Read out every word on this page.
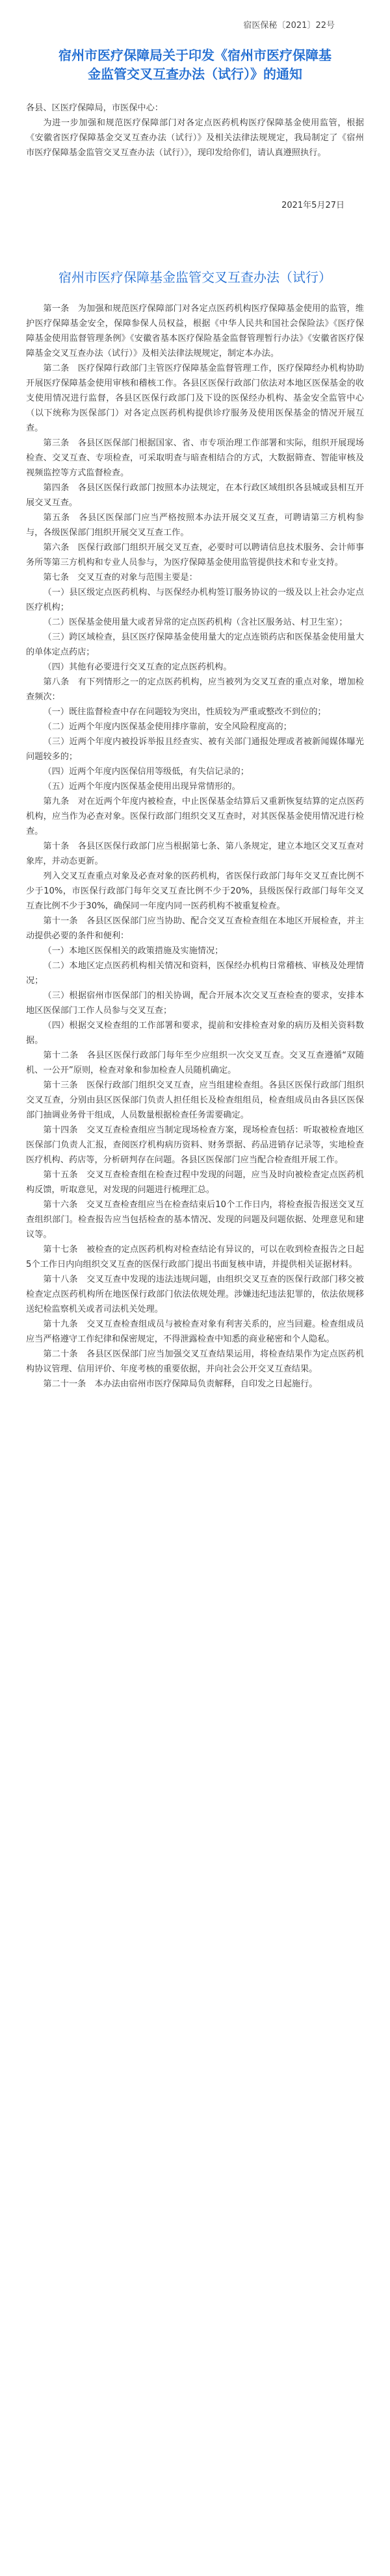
宿医保秘〔2021〕22号
宿州市医疗保障局关于印发《宿州市医疗保障基金监管交叉互查办法（试行）》的通知

各县、区医疗保障局，市医保中心：

为进一步加强和规范医疗保障部门对各定点医药机构医疗保障基金使用监管，根据《安徽省医疗保障基金交叉互查办法（试行）》及相关法律法规规定，我局制定了《宿州市医疗保障基金监管交叉互查办法（试行）》，现印发给你们，请认真遵照执行。

2021年5月27日
宿州市医疗保障基金监管交叉互查办法（试行）

第一条　为加强和规范医疗保障部门对各定点医药机构医疗保障基金使用的监管，维护医疗保障基金安全，保障参保人员权益，根据《中华人民共和国社会保险法》《医疗保障基金使用监督管理条例》《安徽省基本医疗保险基金监督管理暂行办法》《安徽省医疗保障基金交叉互查办法（试行）》及相关法律法规规定，制定本办法。

第二条　医疗保障行政部门主管医疗保障基金监督管理工作，医疗保障经办机构协助开展医疗保障基金使用审核和稽核工作。各县区医保行政部门依法对本地区医保基金的收支使用情况进行监督，各县区医保行政部门及下设的医保经办机构、基金安全监管中心（以下统称为医保部门）对各定点医药机构提供诊疗服务及使用医保基金的情况开展互查。

第三条　各县区医保部门根据国家、省、市专项治理工作部署和实际，组织开展现场检查、交叉互查、专项检查，可采取明查与暗查相结合的方式，大数据筛查、智能审核及视频监控等方式监督检查。

第四条　各县区医保行政部门按照本办法规定，在本行政区域组织各县城或县相互开展交叉互查。

第五条　各县区医保部门应当严格按照本办法开展交叉互查，可聘请第三方机构参与，各级医保部门组织开展交叉互查工作。

第六条　医保行政部门组织开展交叉互查，必要时可以聘请信息技术服务、会计师事务所等第三方机构和专业人员参与，为医疗保障基金使用监管提供技术和专业支持。

第七条　交叉互查的对象与范围主要是：

（一）县区级定点医药机构、与医保经办机构签订服务协议的一级及以上社会办定点医疗机构；

（二）医保基金使用量大或者异常的定点医药机构（含社区服务站、村卫生室）；

（三）跨区域检查，县区医疗保障基金使用量大的定点连锁药店和医保基金使用量大的单体定点药店；

（四）其他有必要进行交叉互查的定点医药机构。

第八条　有下列情形之一的定点医药机构，应当被列为交叉互查的重点对象，增加检查频次：

（一）既往监督检查中存在问题较为突出，性质较为严重或整改不到位的；

（二）近两个年度内医保基金使用排序靠前，安全风险程度高的；

（三）近两个年度内被投诉举报且经查实、被有关部门通报处理或者被新闻媒体曝光问题较多的；

（四）近两个年度内医保信用等级低，有失信记录的；

（五）近两个年度内医保基金使用出现异常情形的。

第九条　对在近两个年度内被检查，中止医保基金结算后又重新恢复结算的定点医药机构，应当作为必查对象。医保行政部门组织交叉互查时，对其医保基金使用情况进行检查。

第十条　各县区医保行政部门应当根据第七条、第八条规定，建立本地区交叉互查对象库，并动态更新。

列入交叉互查重点对象及必查对象的医药机构，省医保行政部门每年交叉互查比例不少于10%，市医保行政部门每年交叉互查比例不少于20%，县级医保行政部门每年交叉互查比例不少于30%，确保同一年度内同一医药机构不被重复检查。

第十一条　各县区医保部门应当协助、配合交叉互查检查组在本地区开展检查，并主动提供必要的条件和便利：

（一）本地区医保相关的政策措施及实施情况；

（二）本地区定点医药机构相关情况和资料，医保经办机构日常稽核、审核及处理情况；

（三）根据宿州市医保部门的相关协调，配合开展本次交叉互查检查的要求，安排本地区医保部门工作人员参与交叉互查；

（四）根据交叉检查组的工作部署和要求，提前和安排检查对象的病历及相关资料数据。

第十二条　各县区医保行政部门每年至少应组织一次交叉互查。交叉互查遵循“双随机、一公开”原则，检查对象和参加检查人员随机确定。

第十三条　医保行政部门组织交叉互查，应当组建检查组。各县区医保行政部门组织交叉互查，分别由县区医保部门负责人担任组长及检查组组员，检查组成员由各县区医保部门抽调业务骨干组成，人员数量根据检查任务需要确定。

第十四条　交叉互查检查组应当制定现场检查方案，现场检查包括：听取被检查地区医保部门负责人汇报，查阅医疗机构病历资料、财务票据、药品进销存记录等，实地检查医疗机构、药店等，分析研判存在问题。各县区医保部门应当配合检查组开展工作。

第十五条　交叉互查检查组在检查过程中发现的问题，应当及时向被检查定点医药机构反馈，听取意见，对发现的问题进行梳理汇总。

第十六条　交叉互查检查组应当在检查结束后10个工作日内，将检查报告报送交叉互查组织部门。检查报告应当包括检查的基本情况、发现的问题及问题依据、处理意见和建议等。

第十七条　被检查的定点医药机构对检查结论有异议的，可以在收到检查报告之日起5个工作日内向组织交叉互查的医保行政部门提出书面复核申请，并提供相关证据材料。

第十八条　交叉互查中发现的违法违规问题，由组织交叉互查的医保行政部门移交被检查定点医药机构所在地医保行政部门依法依规处理。涉嫌违纪违法犯罪的，依法依规移送纪检监察机关或者司法机关处理。

第十九条　交叉互查检查组成员与被检查对象有利害关系的，应当回避。检查组成员应当严格遵守工作纪律和保密规定，不得泄露检查中知悉的商业秘密和个人隐私。

第二十条　各县区医保部门应当加强交叉互查结果运用，将检查结果作为定点医药机构协议管理、信用评价、年度考核的重要依据，并向社会公开交叉互查结果。

第二十一条　本办法由宿州市医疗保障局负责解释，自印发之日起施行。
